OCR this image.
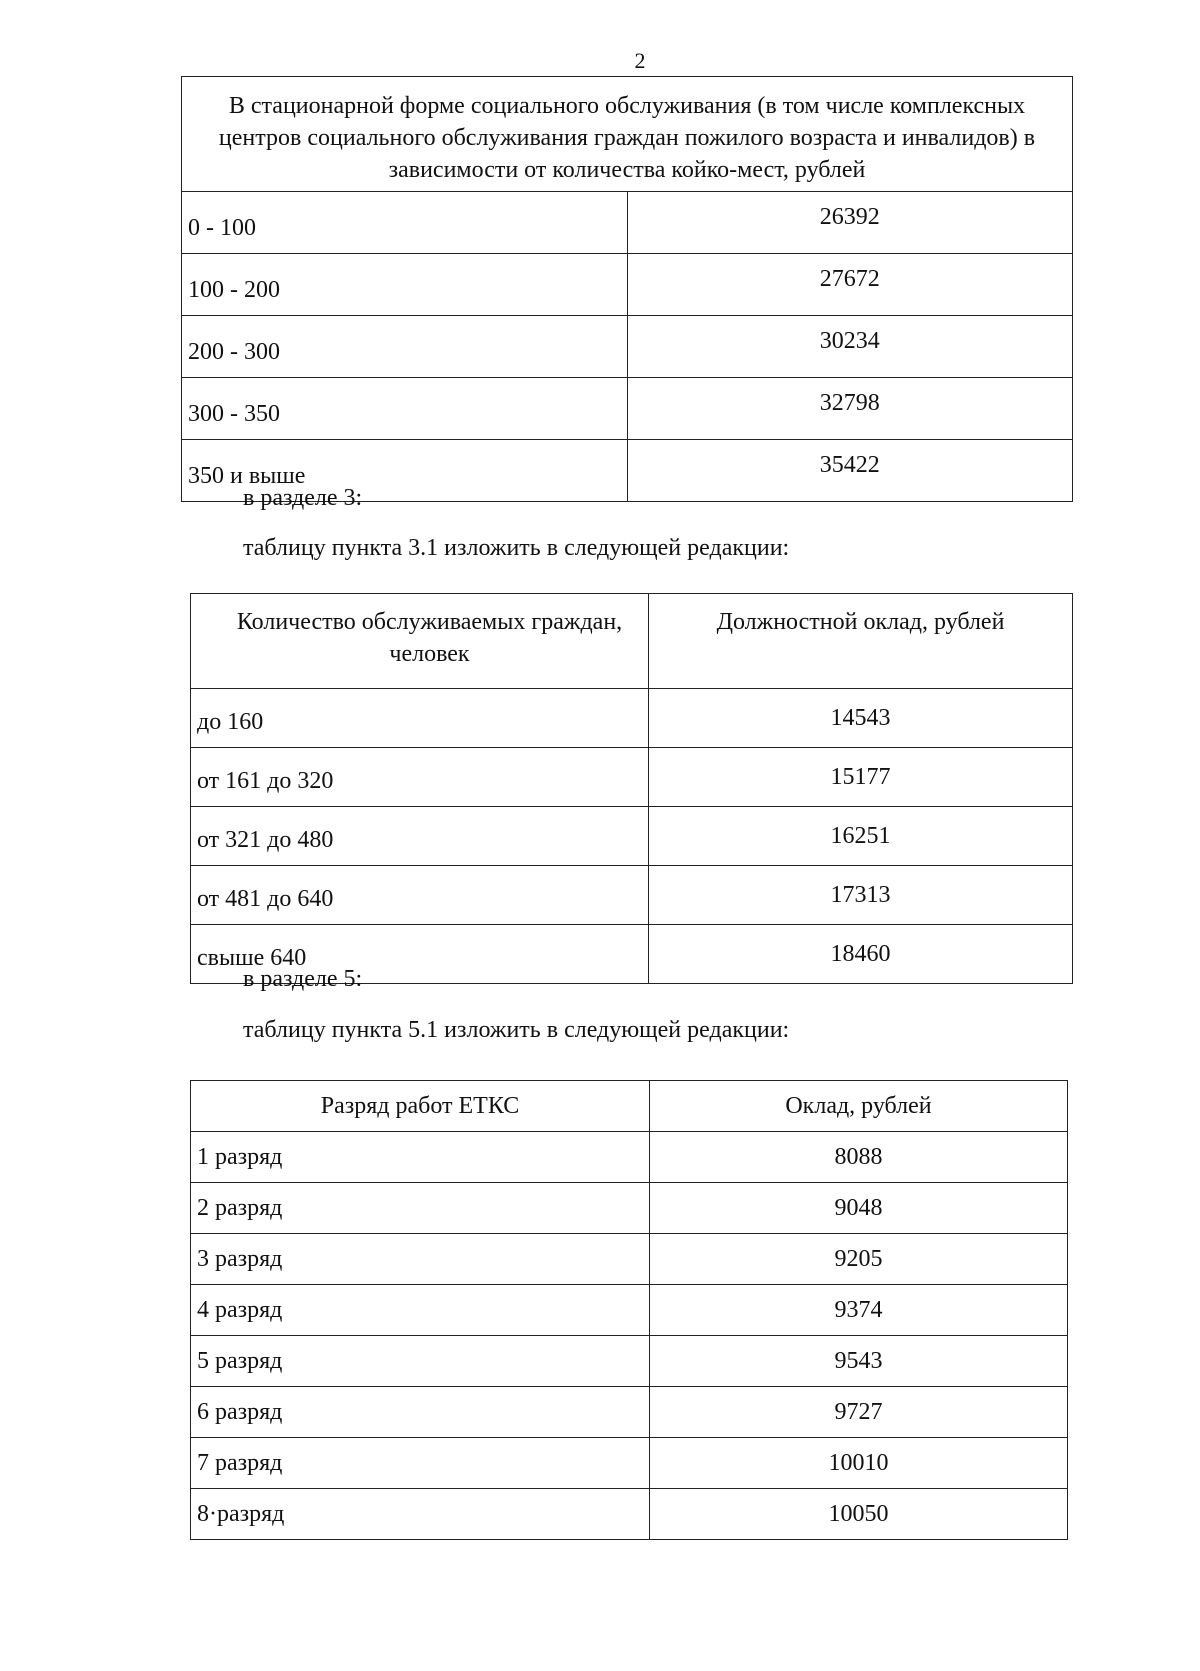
2
В стационарной форме социального обслуживания (в том числе комплексных центров социального обслуживания граждан пожилого возраста и инвалидов) в зависимости от количества койко-мест, рублей	
0 - 100	26392
100 - 200	27672
200 - 300	30234
300 - 350	32798
350 и выше	35422

в разделе 3:

таблицу пункта 3.1 изложить в следующей редакции:

Количество обслуживаемых граждан, человек	Должностной оклад, рублей
до 160	14543
от 161 до 320	15177
от 321 до 480	16251
от 481 до 640	17313
свыше 640	18460

в разделе 5:

таблицу пункта 5.1 изложить в следующей редакции:

Разряд работ ЕТКС	Оклад, рублей
1 разряд	8088
2 разряд	9048
3 разряд	9205
4 разряд	9374
5 разряд	9543
6 разряд	9727
7 разряд	10010
8·разряд	10050
